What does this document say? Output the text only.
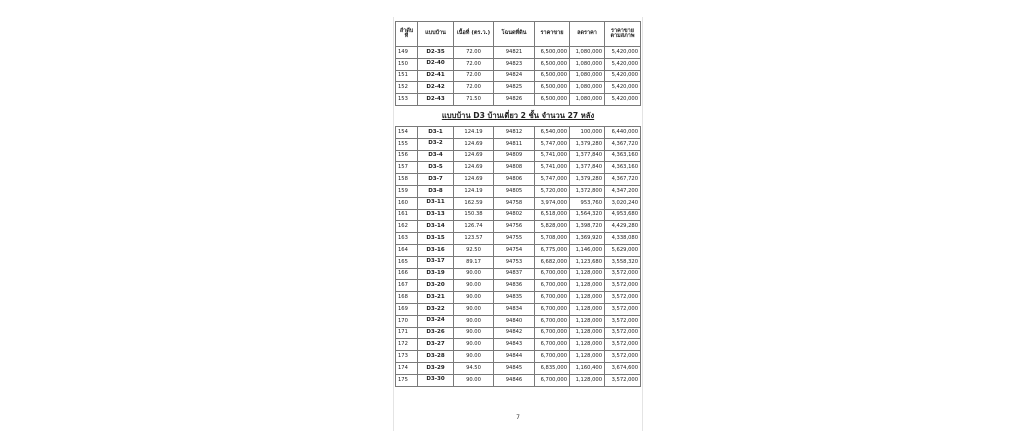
ลำดับที่	แบบบ้าน	เนื้อที่ (ตร.ว.)	โฉนดที่ดิน	ราคาขาย	ลดราคา	ราคาขาย ตามสภาพ
149	D2-35	72.00	94821	6,500,000	1,080,000	5,420,000
150	D2-40	72.00	94823	6,500,000	1,080,000	5,420,000
151	D2-41	72.00	94824	6,500,000	1,080,000	5,420,000
152	D2-42	72.00	94825	6,500,000	1,080,000	5,420,000
153	D2-43	71.50	94826	6,500,000	1,080,000	5,420,000
แบบบ้าน D3 บ้านเดี่ยว 2 ชั้น จำนวน 27 หลัง						
154	D3-1	124.19	94812	6,540,000	100,000	6,440,000
155	D3-2	124.69	94811	5,747,000	1,379,280	4,367,720
156	D3-4	124.69	94809	5,741,000	1,377,840	4,363,160
157	D3-5	124.69	94808	5,741,000	1,377,840	4,363,160
158	D3-7	124.69	94806	5,747,000	1,379,280	4,367,720
159	D3-8	124.19	94805	5,720,000	1,372,800	4,347,200
160	D3-11	162.59	94758	3,974,000	953,760	3,020,240
161	D3-13	150.38	94802	6,518,000	1,564,320	4,953,680
162	D3-14	126.74	94756	5,828,000	1,398,720	4,429,280
163	D3-15	123.57	94755	5,708,000	1,369,920	4,338,080
164	D3-16	92.50	94754	6,775,000	1,146,000	5,629,000
165	D3-17	89.17	94753	6,682,000	1,123,680	3,558,320
166	D3-19	90.00	94837	6,700,000	1,128,000	3,572,000
167	D3-20	90.00	94836	6,700,000	1,128,000	3,572,000
168	D3-21	90.00	94835	6,700,000	1,128,000	3,572,000
169	D3-22	90.00	94834	6,700,000	1,128,000	3,572,000
170	D3-24	90.00	94840	6,700,000	1,128,000	3,572,000
171	D3-26	90.00	94842	6,700,000	1,128,000	3,572,000
172	D3-27	90.00	94843	6,700,000	1,128,000	3,572,000
173	D3-28	90.00	94844	6,700,000	1,128,000	3,572,000
174	D3-29	94.50	94845	6,835,000	1,160,400	3,674,600
175	D3-30	90.00	94846	6,700,000	1,128,000	3,572,000
7
